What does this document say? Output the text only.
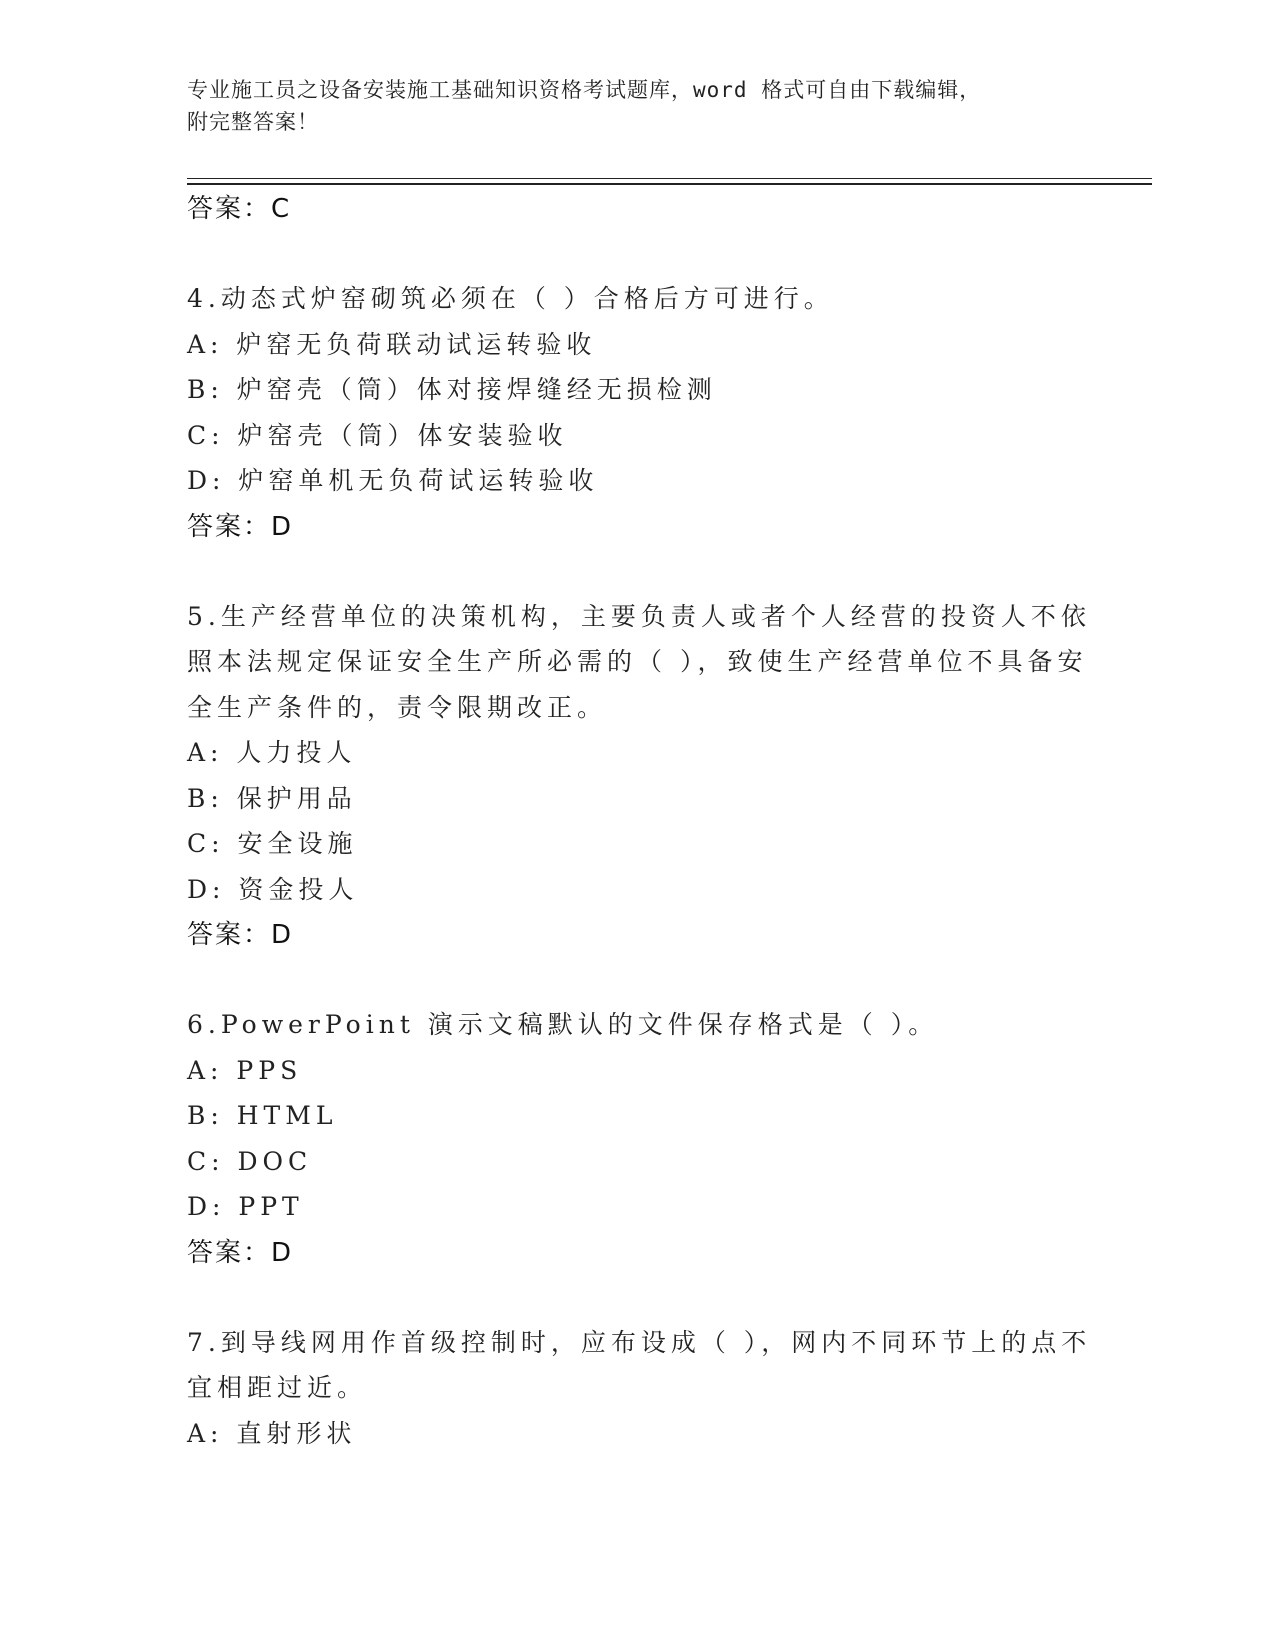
专业施工员之设备安装施工基础知识资格考试题库，word 格式可自由下载编辑，
附完整答案！
答案：C
4.动态式炉窑砌筑必须在（ ）合格后方可进行。
A: 炉窑无负荷联动试运转验收
B: 炉窑壳（筒）体对接焊缝经无损检测
C: 炉窑壳（筒）体安装验收
D: 炉窑单机无负荷试运转验收
答案：D
5.生产经营单位的决策机构，主要负责人或者个人经营的投资人不依
照本法规定保证安全生产所必需的（ ），致使生产经营单位不具备安
全生产条件的，责令限期改正。
A: 人力投人
B: 保护用品
C: 安全设施
D: 资金投人
答案：D
6.PowerPoint 演示文稿默认的文件保存格式是（ ）。
A: PPS
B: HTML
C: DOC
D: PPT
答案：D
7.到导线网用作首级控制时，应布设成（ ），网内不同环节上的点不
宜相距过近。
A: 直射形状
